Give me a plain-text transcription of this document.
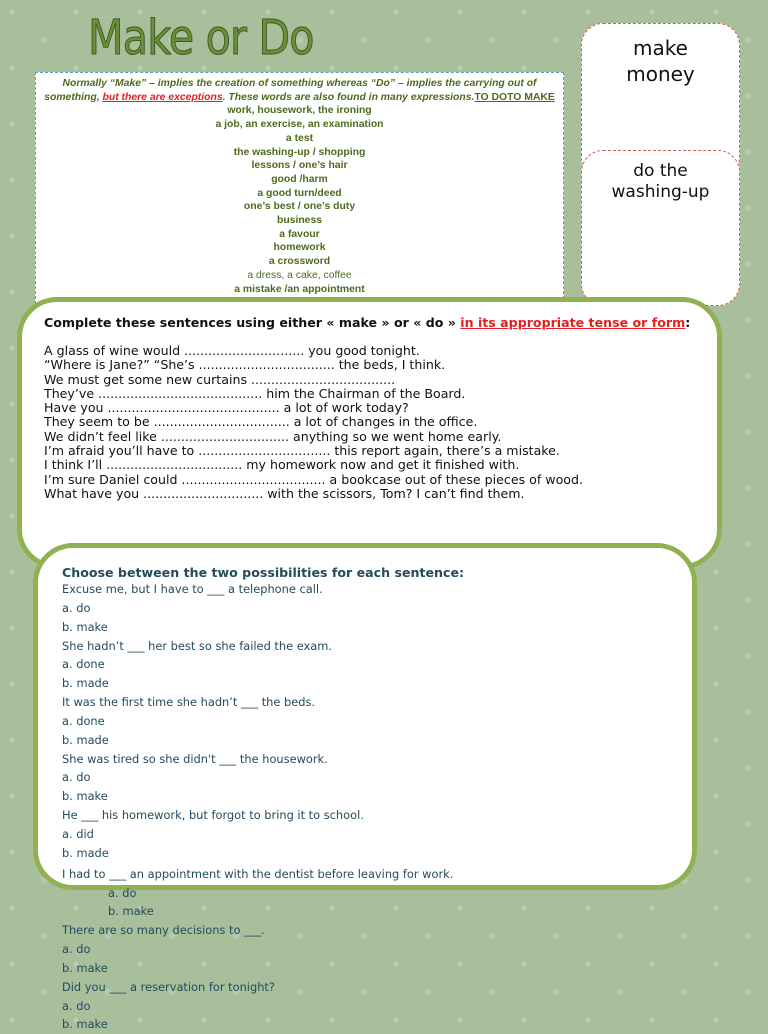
Make or Do
Normally “Make” – implies the creation of something whereas “Do” – implies the carrying out of something, but there are exceptions. These words are also found in many expressions.TO DOTO MAKE
work, housework, the ironing
a job, an exercise, an examination
a test
the washing-up / shopping
lessons / one’s hair
good /harm
a good turn/deed
one’s best / one’s duty
business
a favour
homework
a crossword
a dress, a cake, coffee
a mistake /an appointment
make
money
do the
washing-up

Complete these sentences using either « make » or « do » in its appropriate tense or form:

A glass of wine would .............................. you good tonight.
“Where is Jane?” “She’s .................................. the beds, I think.
We must get some new curtains ....................................
They’ve ......................................... him the Chairman of the Board.
Have you ........................................... a lot of work today?
They seem to be .................................. a lot of changes in the office.
We didn’t feel like ................................ anything so we went home early.
I’m afraid you’ll have to ................................. this report again, there’s a mistake.
I think I’ll .................................. my homework now and get it finished with.
I’m sure Daniel could .................................... a bookcase out of these pieces of wood.
What have you .............................. with the scissors, Tom? I can’t find them.

Choose between the two possibilities for each sentence:

Excuse me, but I have to ___ a telephone call.
a. do
b. make
She hadn’t ___ her best so she failed the exam.
a. done
b. made
It was the first time she hadn’t ___ the beds.
a. done
b. made
She was tired so she didn't ___ the housework.
a. do
b. make
He ___ his homework, but forgot to bring it to school.
a. did
b. made
I had to ___ an appointment with the dentist before leaving for work.
a. do
b. make
There are so many decisions to ___.
a. do
b. make
Did you ___ a reservation for tonight?
a. do
b. make
